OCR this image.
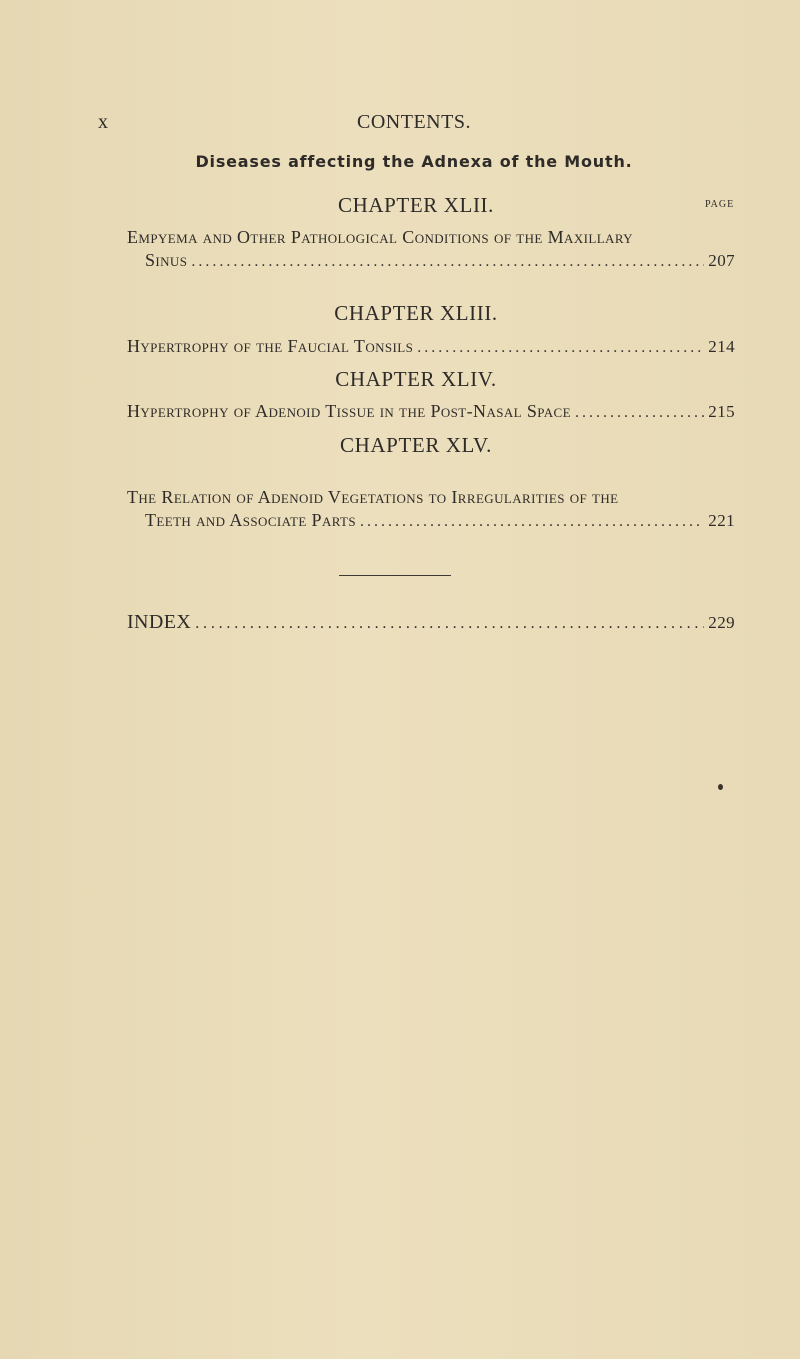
x	CONTENTS.
Diseases affecting the Adnexa of the Mouth.
PAGE
CHAPTER XLII.
Empyema and Other Pathological Conditions of the Maxillary
Sinus . . .	207
CHAPTER XLIII.
Hypertrophy of the Faucial Tonsils . . .	214
CHAPTER XLIV.
Hypertrophy of Adenoid Tissue in the Post-Nasal Space . . .	215
CHAPTER XLV.
The Relation of Adenoid Vegetations to Irregularities of the
Teeth and Associate Parts . . .	221
INDEX . . .	229
